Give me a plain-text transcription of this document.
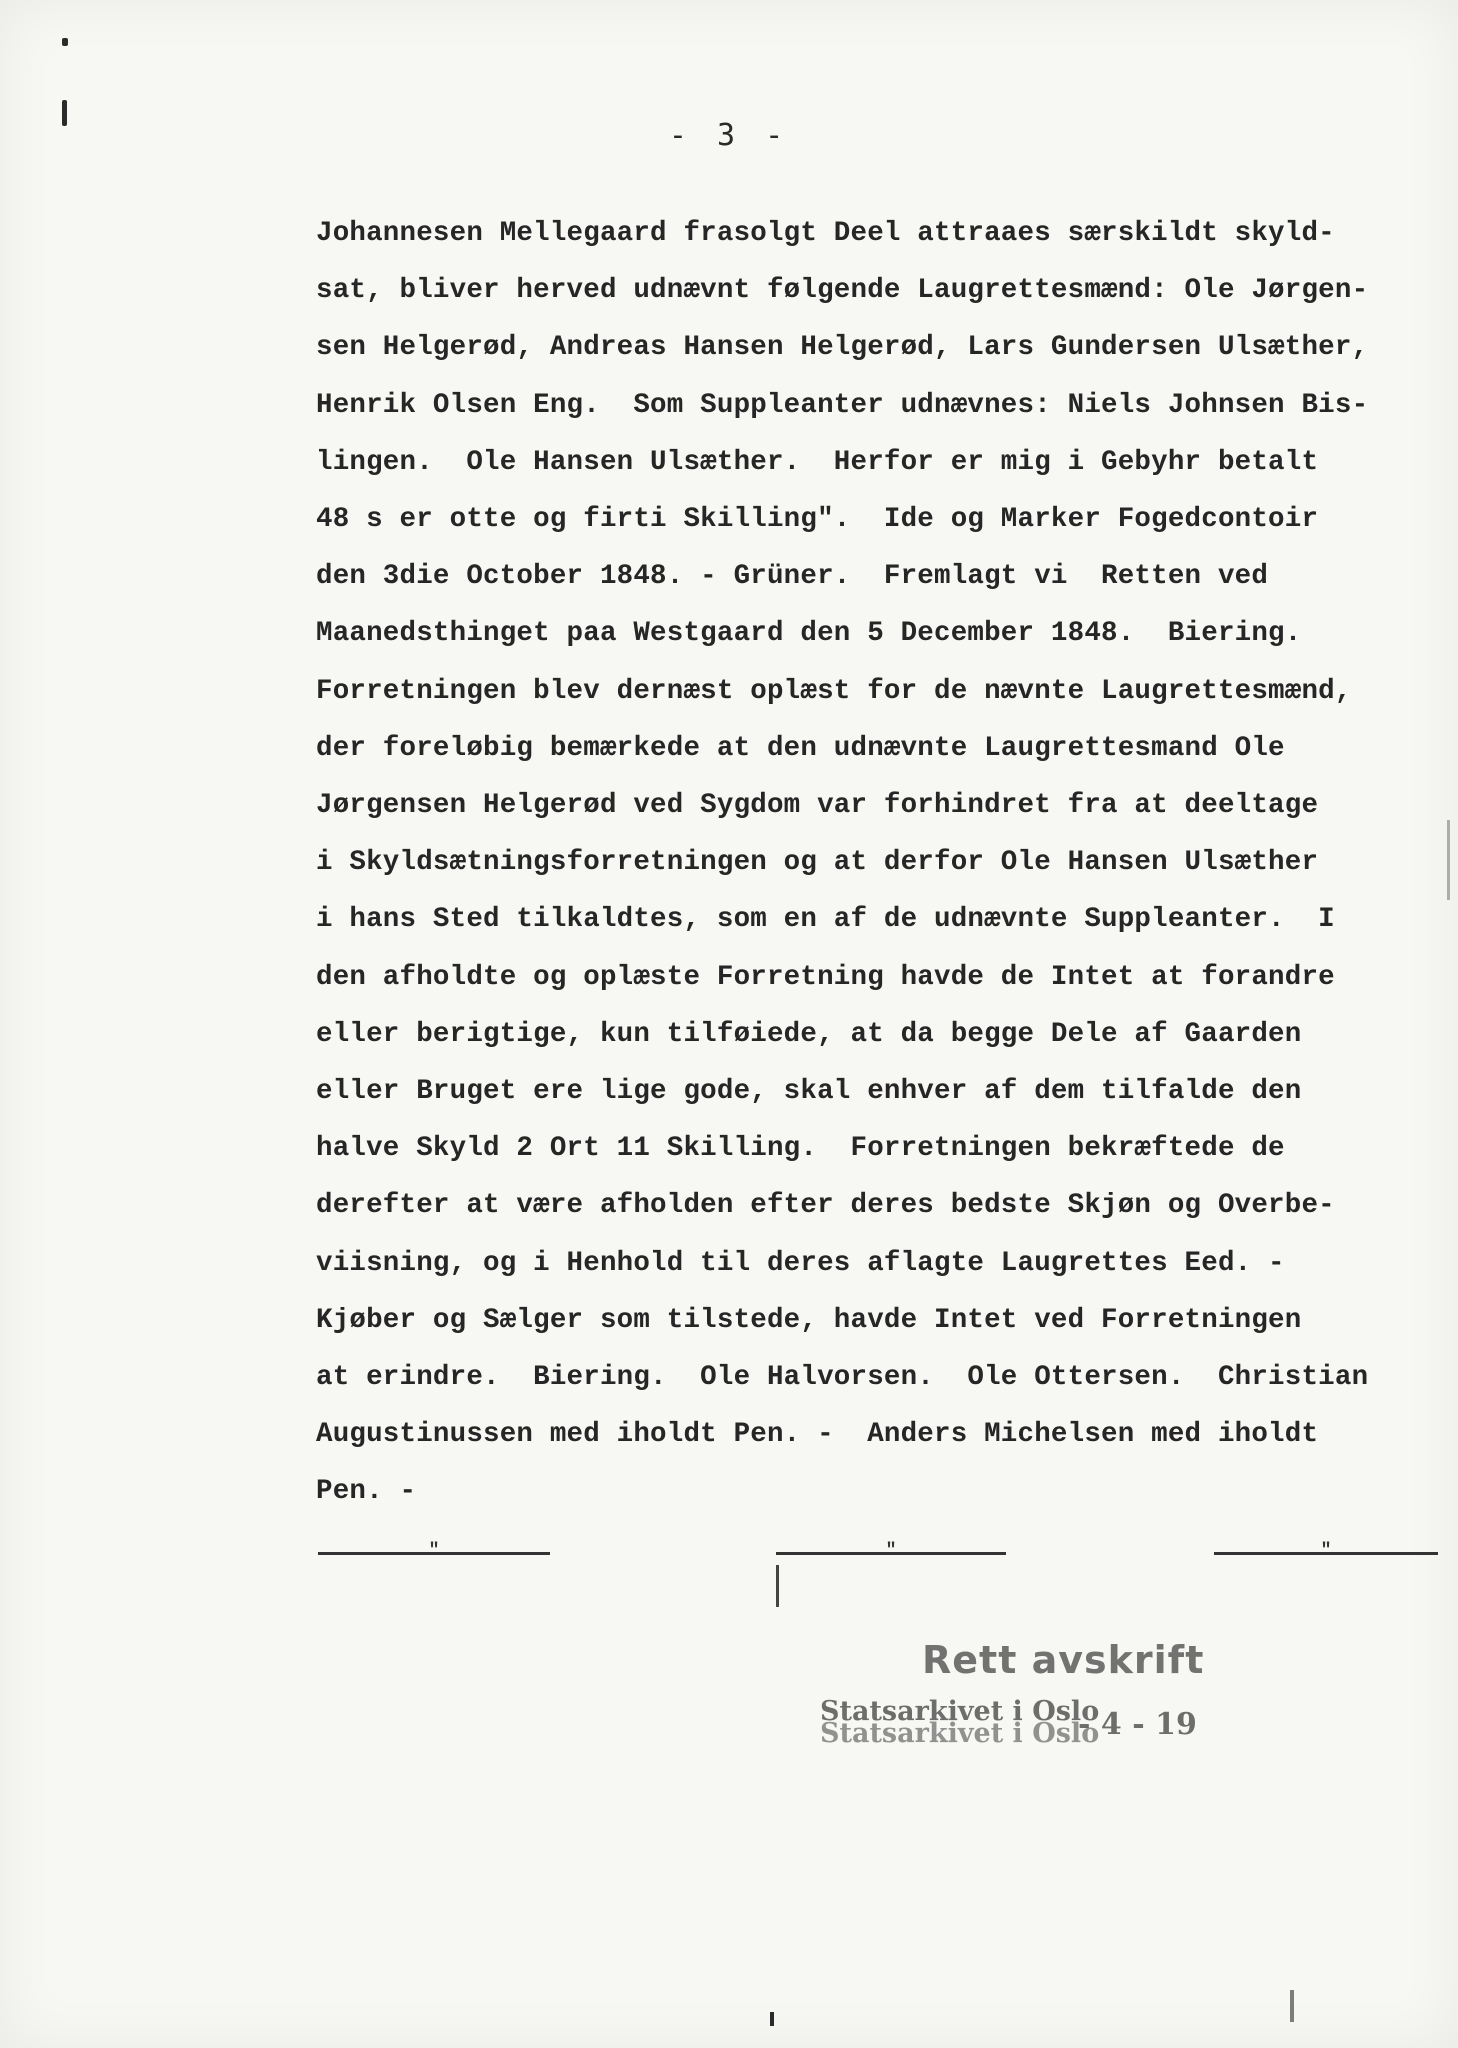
- 3 -
Johannesen Mellegaard frasolgt Deel attraaes særskildt skyld-
sat, bliver herved udnævnt følgende Laugrettesmænd: Ole Jørgen-
sen Helgerød, Andreas Hansen Helgerød, Lars Gundersen Ulsæther,
Henrik Olsen Eng.  Som Suppleanter udnævnes: Niels Johnsen Bis-
lingen.  Ole Hansen Ulsæther.  Herfor er mig i Gebyhr betalt
48 s er otte og firti Skilling".  Ide og Marker Fogedcontoir
den 3die October 1848. - Grüner.  Fremlagt vi  Retten ved
Maanedsthinget paa Westgaard den 5 December 1848.  Biering.
Forretningen blev dernæst oplæst for de nævnte Laugrettesmænd,
der foreløbig bemærkede at den udnævnte Laugrettesmand Ole
Jørgensen Helgerød ved Sygdom var forhindret fra at deeltage
i Skyldsætningsforretningen og at derfor Ole Hansen Ulsæther
i hans Sted tilkaldtes, som en af de udnævnte Suppleanter.  I
den afholdte og oplæste Forretning havde de Intet at forandre
eller berigtige, kun tilføiede, at da begge Dele af Gaarden
eller Bruget ere lige gode, skal enhver af dem tilfalde den
halve Skyld 2 Ort 11 Skilling.  Forretningen bekræftede de
derefter at være afholden efter deres bedste Skjøn og Overbe-
viisning, og i Henhold til deres aflagte Laugrettes Eed. -
Kjøber og Sælger som tilstede, havde Intet ved Forretningen
at erindre.  Biering.  Ole Halvorsen.  Ole Ottersen.  Christian
Augustinussen med iholdt Pen. -  Anders Michelsen med iholdt
Pen. -
"	"	"
Rett avskrift
Statsarkivet i Oslo
Statsarkivet i Oslo
- 4 - 19
